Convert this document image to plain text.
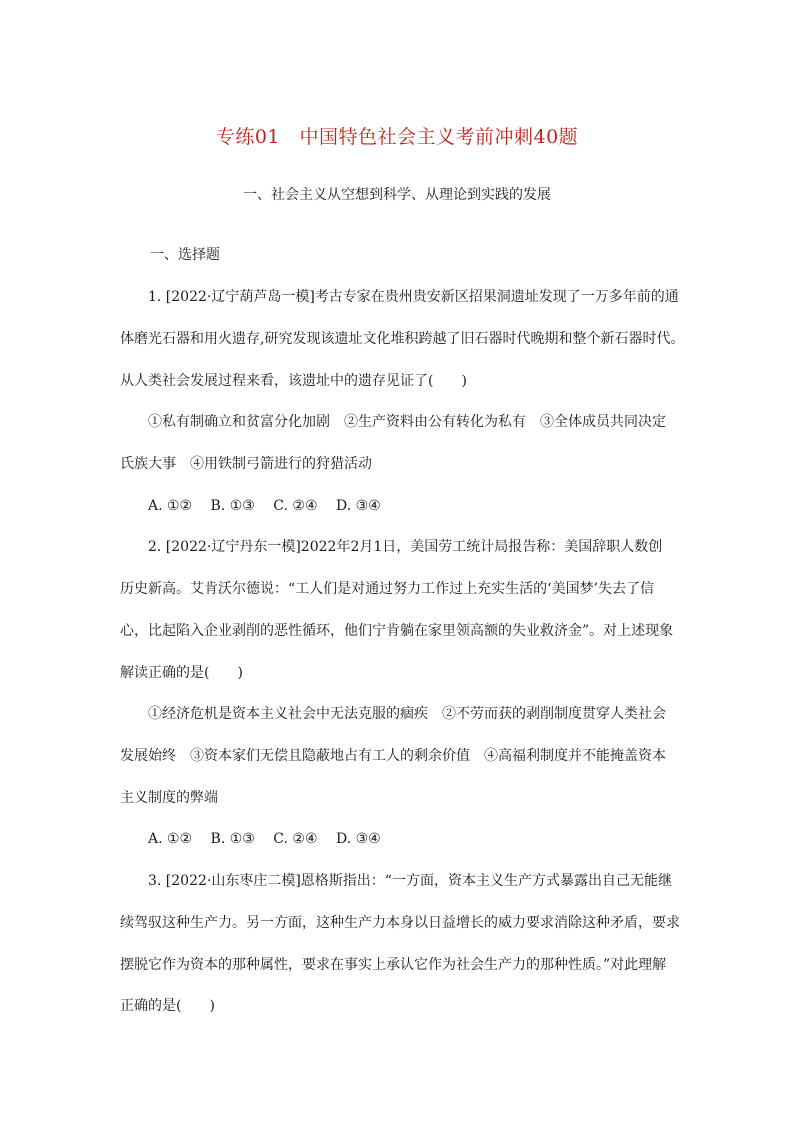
专练01　中国特色社会主义考前冲刺40题
一、社会主义从空想到科学、从理论到实践的发展
一、选择题
1. [2022·辽宁葫芦岛一模]考古专家在贵州贵安新区招果洞遗址发现了一万多年前的通
体磨光石器和用火遗存,研究发现该遗址文化堆积跨越了旧石器时代晚期和整个新石器时代。
从人类社会发展过程来看，该遗址中的遗存见证了(　　)
①私有制确立和贫富分化加剧　②生产资料由公有转化为私有　③全体成员共同决定
氏族大事　④用铁制弓箭进行的狩猎活动
A. ①②　 B. ①③　 C. ②④　 D. ③④
2. [2022·辽宁丹东一模]2022年2月1日，美国劳工统计局报告称：美国辞职人数创
历史新高。艾肯沃尔德说：“工人们是对通过努力工作过上充实生活的‘美国梦’失去了信
心，比起陷入企业剥削的恶性循环，他们宁肯躺在家里领高额的失业救济金”。对上述现象
解读正确的是(　　)
①经济危机是资本主义社会中无法克服的痼疾　②不劳而获的剥削制度贯穿人类社会
发展始终　③资本家们无偿且隐蔽地占有工人的剩余价值　④高福利制度并不能掩盖资本
主义制度的弊端
A. ①②　 B. ①③　 C. ②④　 D. ③④
3. [2022·山东枣庄二模]恩格斯指出：“一方面，资本主义生产方式暴露出自己无能继
续驾驭这种生产力。另一方面，这种生产力本身以日益增长的威力要求消除这种矛盾，要求
摆脱它作为资本的那种属性，要求在事实上承认它作为社会生产力的那种性质。”对此理解
正确的是(　　)
